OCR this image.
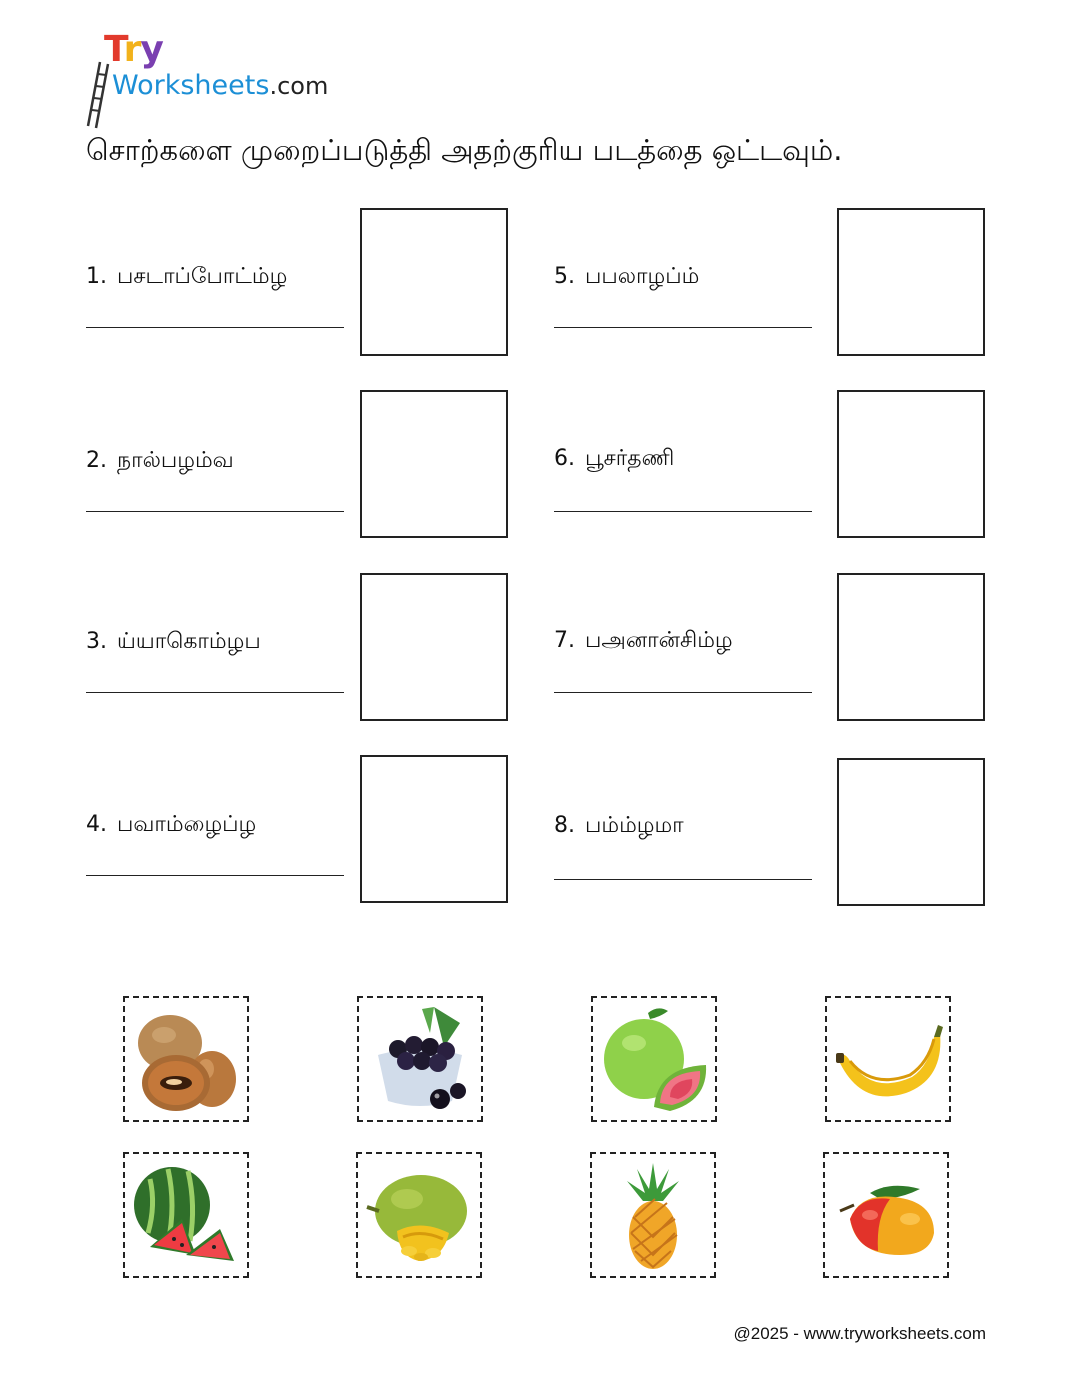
Try
Worksheets.com
சொற்களை முறைப்படுத்தி அதற்குரிய படத்தை ஒட்டவும்.
1. பசடாப்போட்ம்ழ
2. நால்பழம்வ
3. ய்யாகொம்ழப
4. பவாம்ழைப்ழ
5. பபலாழப்ம்
6. பூசர்தணி
7. பஅனான்சிம்ழ
8. பம்ம்ழமா
@2025 - www.tryworksheets.com
